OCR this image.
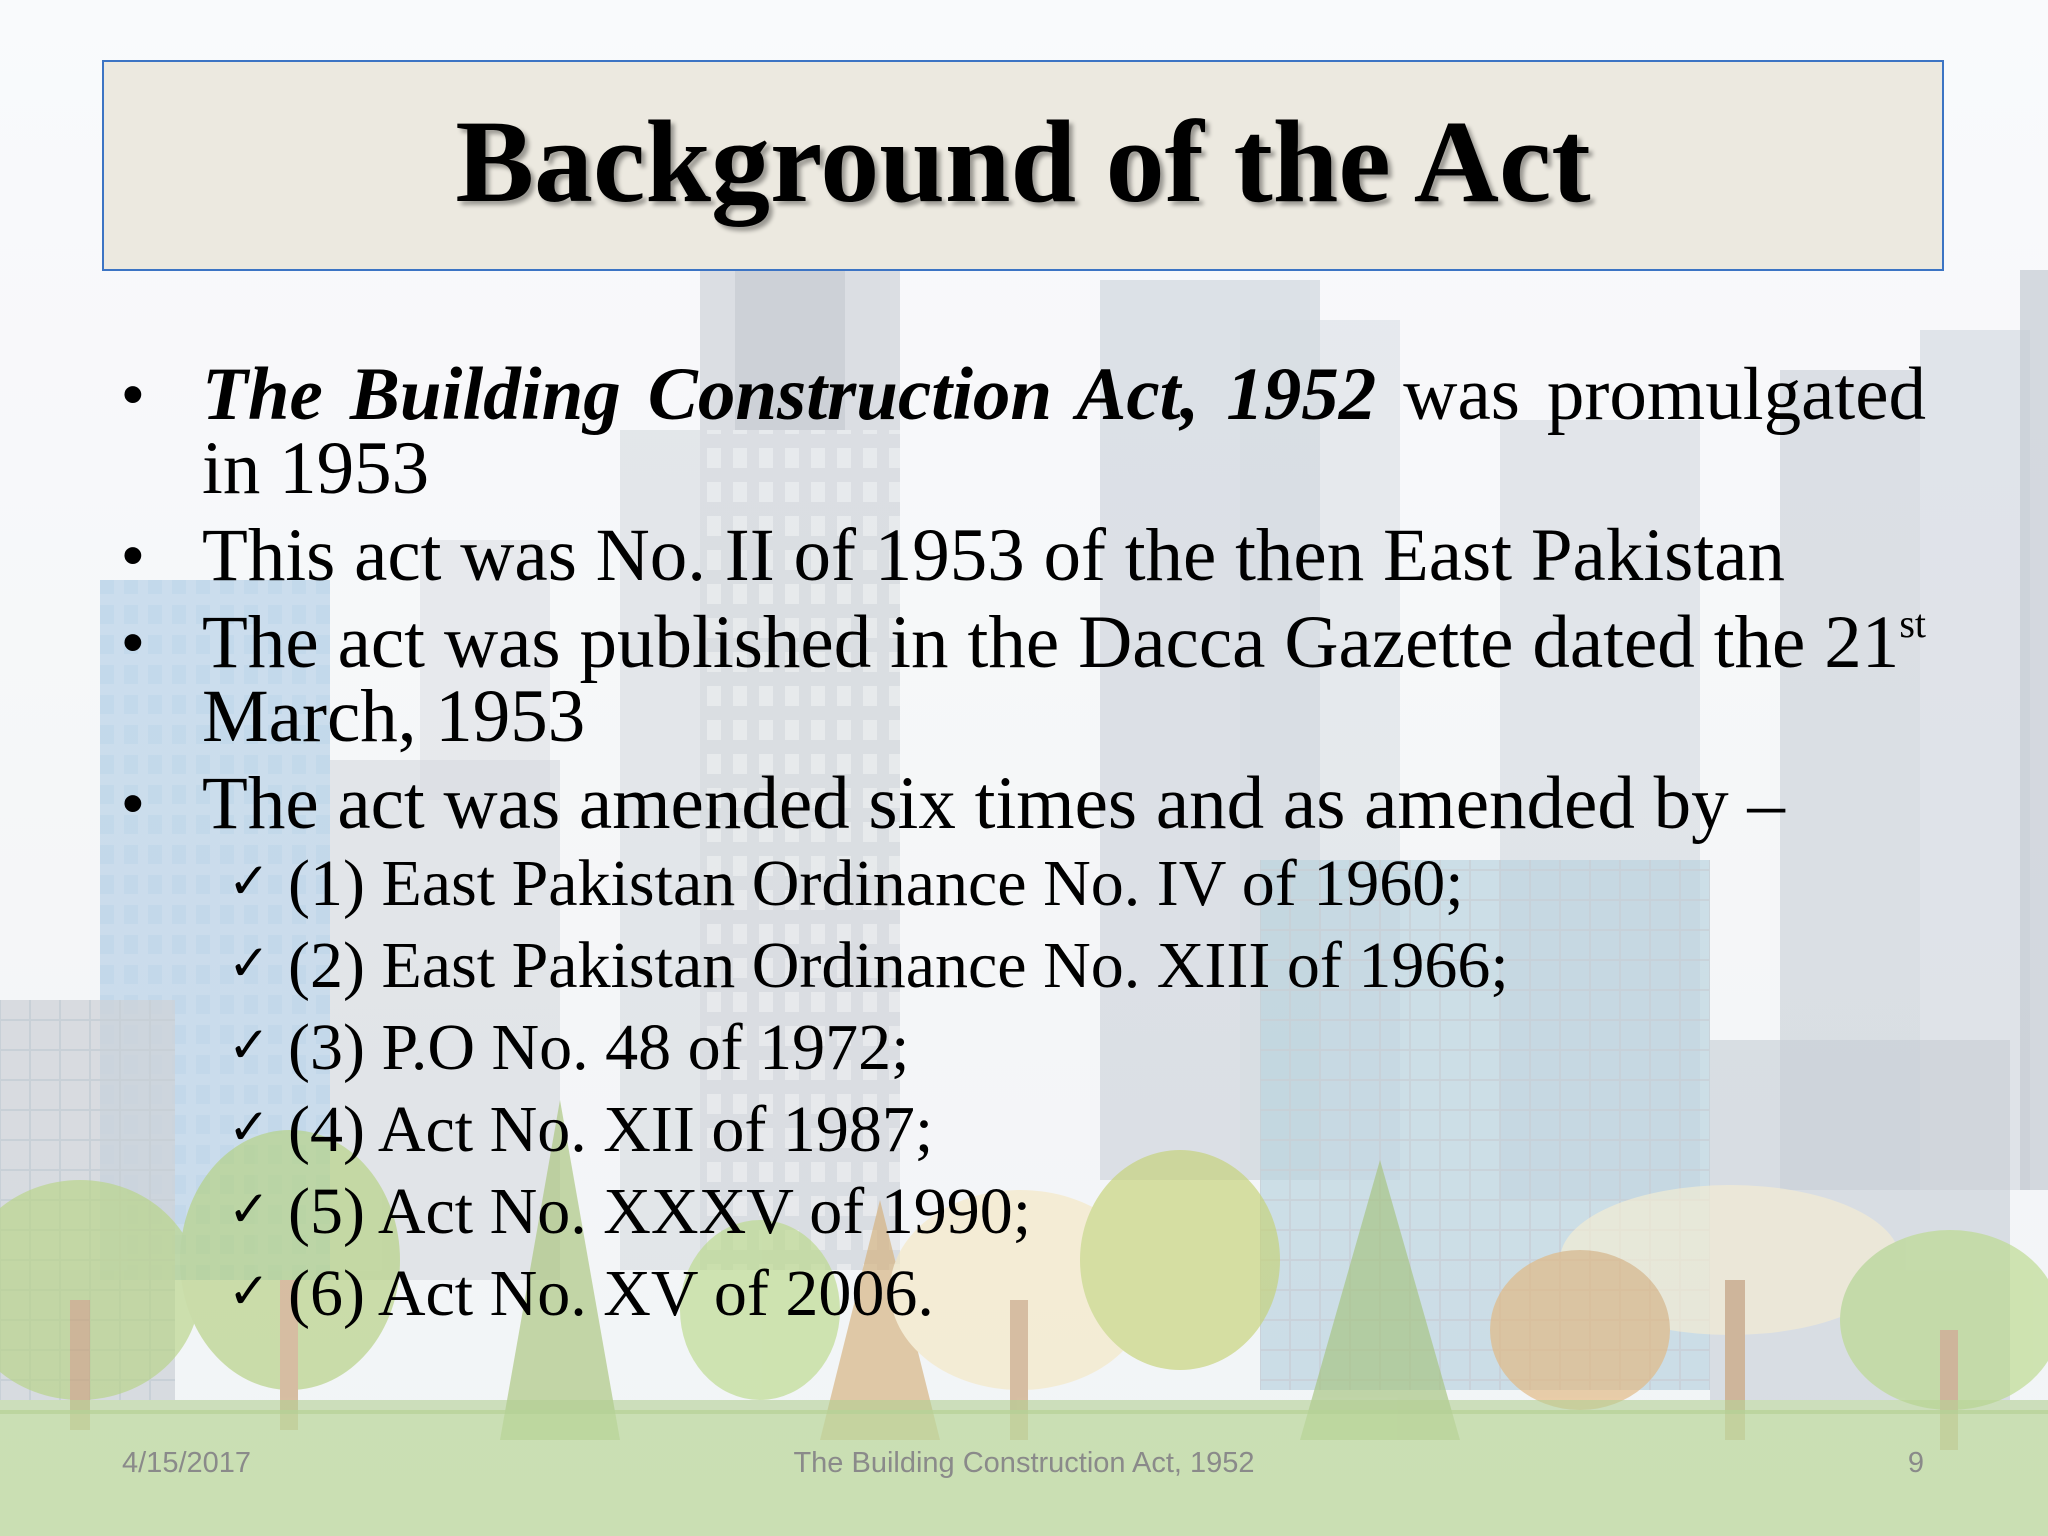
Background of the Act
• The Building Construction Act, 1952 was promulgated in 1953
• This act was No. II of 1953 of the then East Pakistan
• The act was published in the Dacca Gazette dated the 21st March, 1953
• The act was amended six times and as amended by –
✓ (1) East Pakistan Ordinance No. IV of 1960;
✓ (2) East Pakistan Ordinance No. XIII of 1966;
✓ (3) P.O No. 48 of 1972;
✓ (4) Act No. XII of 1987;
✓ (5) Act No. XXXV of 1990;
✓ (6) Act No. XV of 2006.
4/15/2017	The Building Construction Act, 1952	9
